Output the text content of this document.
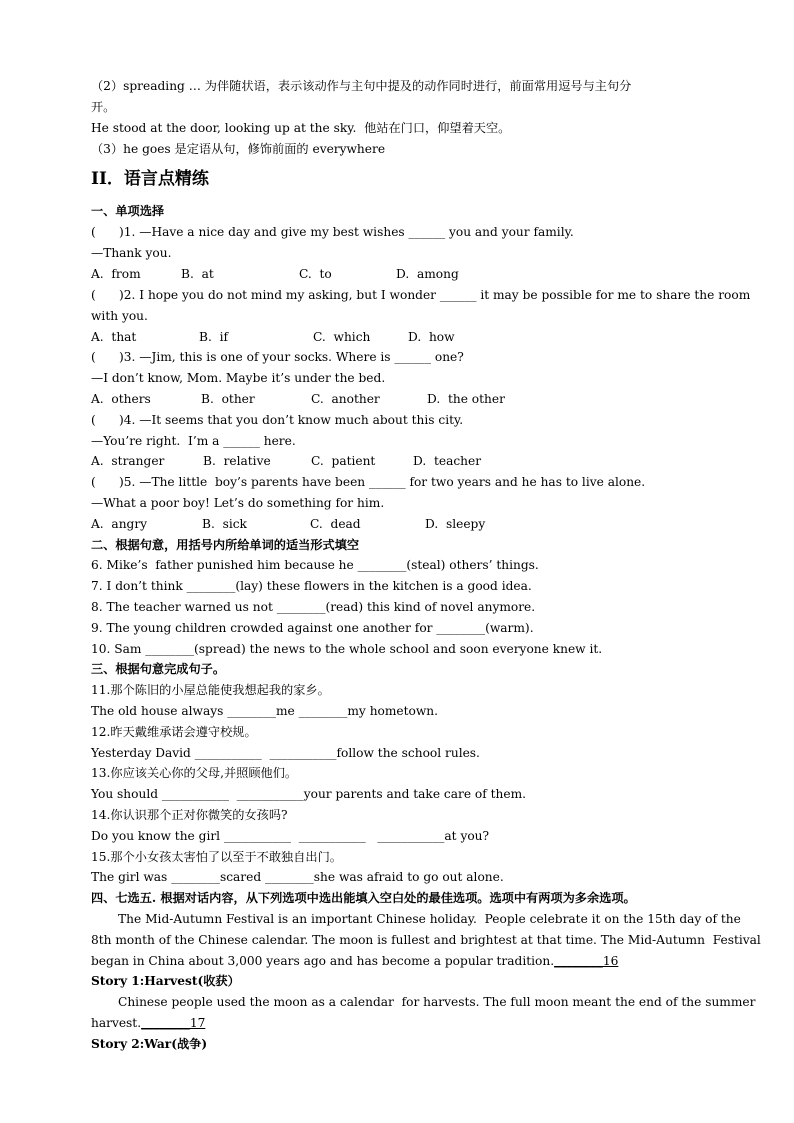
（2）spreading … 为伴随状语，表示该动作与主句中提及的动作同时进行，前面常用逗号与主句分
开。
He stood at the door, looking up at the sky.  他站在门口，仰望着天空。
（3）he goes 是定语从句，修饰前面的 everywhere
II．语言点精练
一、单项选择
(      )1. —Have a nice day and give my best wishes ______ you and your family.
—Thank you.
A.  from	B.  at	C.  to	D.  among
(      )2. I hope you do not mind my asking, but I wonder ______ it may be possible for me to share the room
with you.
A.  that	B.  if	C.  which	D.  how
(      )3. —Jim, this is one of your socks. Where is ______ one?
—I don’t know, Mom. Maybe it’s under the bed.
A.  others	B.  other	C.  another	D.  the other
(      )4. —It seems that you don’t know much about this city.
—You’re right.  I’m a ______ here.
A.  stranger	B.  relative	C.  patient	D.  teacher
(      )5. —The little  boy’s parents have been ______ for two years and he has to live alone.
—What a poor boy! Let’s do something for him.
A.  angry	B.  sick	C.  dead	D.  sleepy
二、根据句意，用括号内所给单词的适当形式填空
6. Mike’s  father punished him because he ________(steal) others’ things.
7. I don’t think ________(lay) these flowers in the kitchen is a good idea.
8. The teacher warned us not ________(read) this kind of novel anymore.
9. The young children crowded against one another for ________(warm).
10. Sam ________(spread) the news to the whole school and soon everyone knew it.
三、根据句意完成句子。
11.那个陈旧的小屋总能使我想起我的家乡。
The old house always ________me ________my hometown.
12.昨天戴维承诺会遵守校规。
Yesterday David ___________  ___________follow the school rules.
13.你应该关心你的父母,并照顾他们。
You should ___________  ___________your parents and take care of them.
14.你认识那个正对你微笑的女孩吗?
Do you know the girl ___________  ___________   ___________at you?
15.那个小女孩太害怕了以至于不敢独自出门。
The girl was ________scared ________she was afraid to go out alone.
四、七选五. 根据对话内容，从下列选项中选出能填入空白处的最佳选项。选项中有两项为多余选项。
The Mid-Autumn Festival is an important Chinese holiday.  People celebrate it on the 15th day of the
8th month of the Chinese calendar. The moon is fullest and brightest at that time. The Mid-Autumn  Festival
began in China about 3,000 years ago and has become a popular tradition.________16
Story 1:Harvest(收获）
Chinese people used the moon as a calendar  for harvests. The full moon meant the end of the summer
harvest.________17
Story 2:War(战争)
